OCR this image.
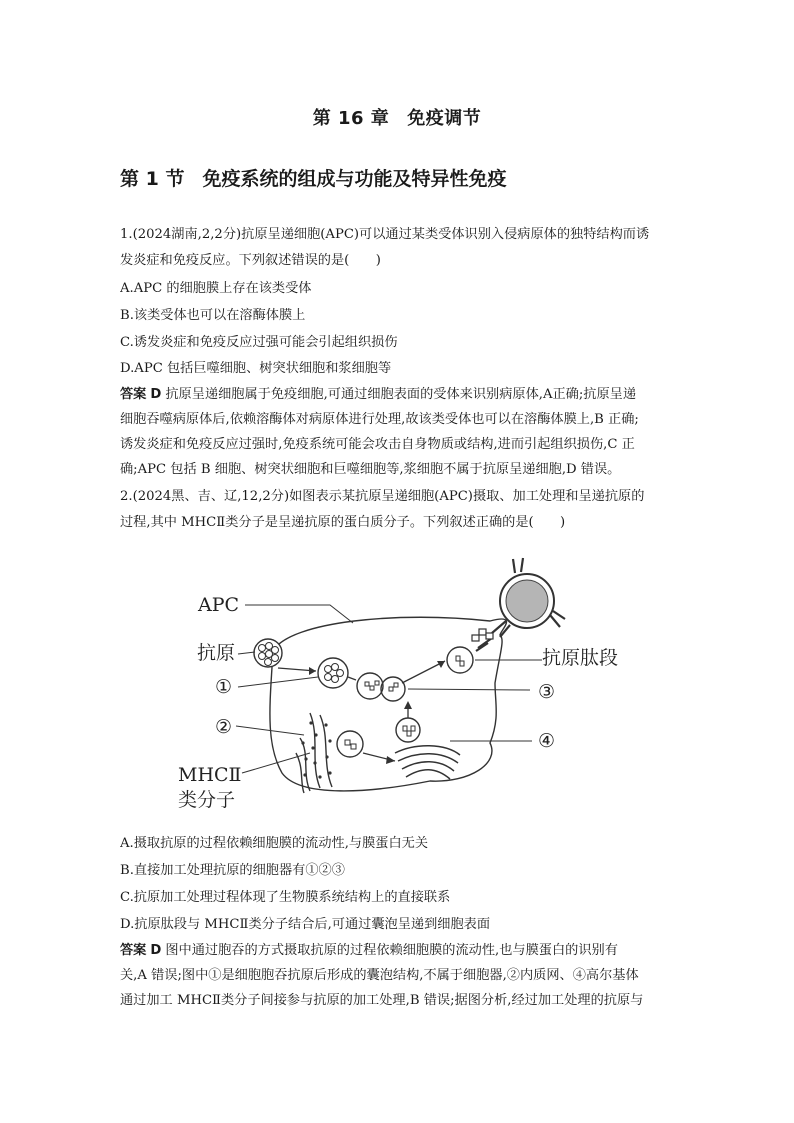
第 16 章 免疫调节
第 1 节 免疫系统的组成与功能及特异性免疫
1.(2024湖南,2,2分)抗原呈递细胞(APC)可以通过某类受体识别入侵病原体的独特结构而诱
发炎症和免疫反应。下列叙述错误的是(　　)
A.APC 的细胞膜上存在该类受体
B.该类受体也可以在溶酶体膜上
C.诱发炎症和免疫反应过强可能会引起组织损伤
D.APC 包括巨噬细胞、树突状细胞和浆细胞等
答案 D 抗原呈递细胞属于免疫细胞,可通过细胞表面的受体来识别病原体,A正确;抗原呈递
细胞吞噬病原体后,依赖溶酶体对病原体进行处理,故该类受体也可以在溶酶体膜上,B 正确;
诱发炎症和免疫反应过强时,免疫系统可能会攻击自身物质或结构,进而引起组织损伤,C 正
确;APC 包括 B 细胞、树突状细胞和巨噬细胞等,浆细胞不属于抗原呈递细胞,D 错误。
2.(2024黑、吉、辽,12,2分)如图表示某抗原呈递细胞(APC)摄取、加工处理和呈递抗原的
过程,其中 MHCⅡ类分子是呈递抗原的蛋白质分子。下列叙述正确的是(　　)
APC
抗原
①
②
③
④
抗原肽段
MHCⅡ
类分子
A.摄取抗原的过程依赖细胞膜的流动性,与膜蛋白无关
B.直接加工处理抗原的细胞器有①②③
C.抗原加工处理过程体现了生物膜系统结构上的直接联系
D.抗原肽段与 MHCⅡ类分子结合后,可通过囊泡呈递到细胞表面
答案 D 图中通过胞吞的方式摄取抗原的过程依赖细胞膜的流动性,也与膜蛋白的识别有
关,A 错误;图中①是细胞胞吞抗原后形成的囊泡结构,不属于细胞器,②内质网、④高尔基体
通过加工 MHCⅡ类分子间接参与抗原的加工处理,B 错误;据图分析,经过加工处理的抗原与
